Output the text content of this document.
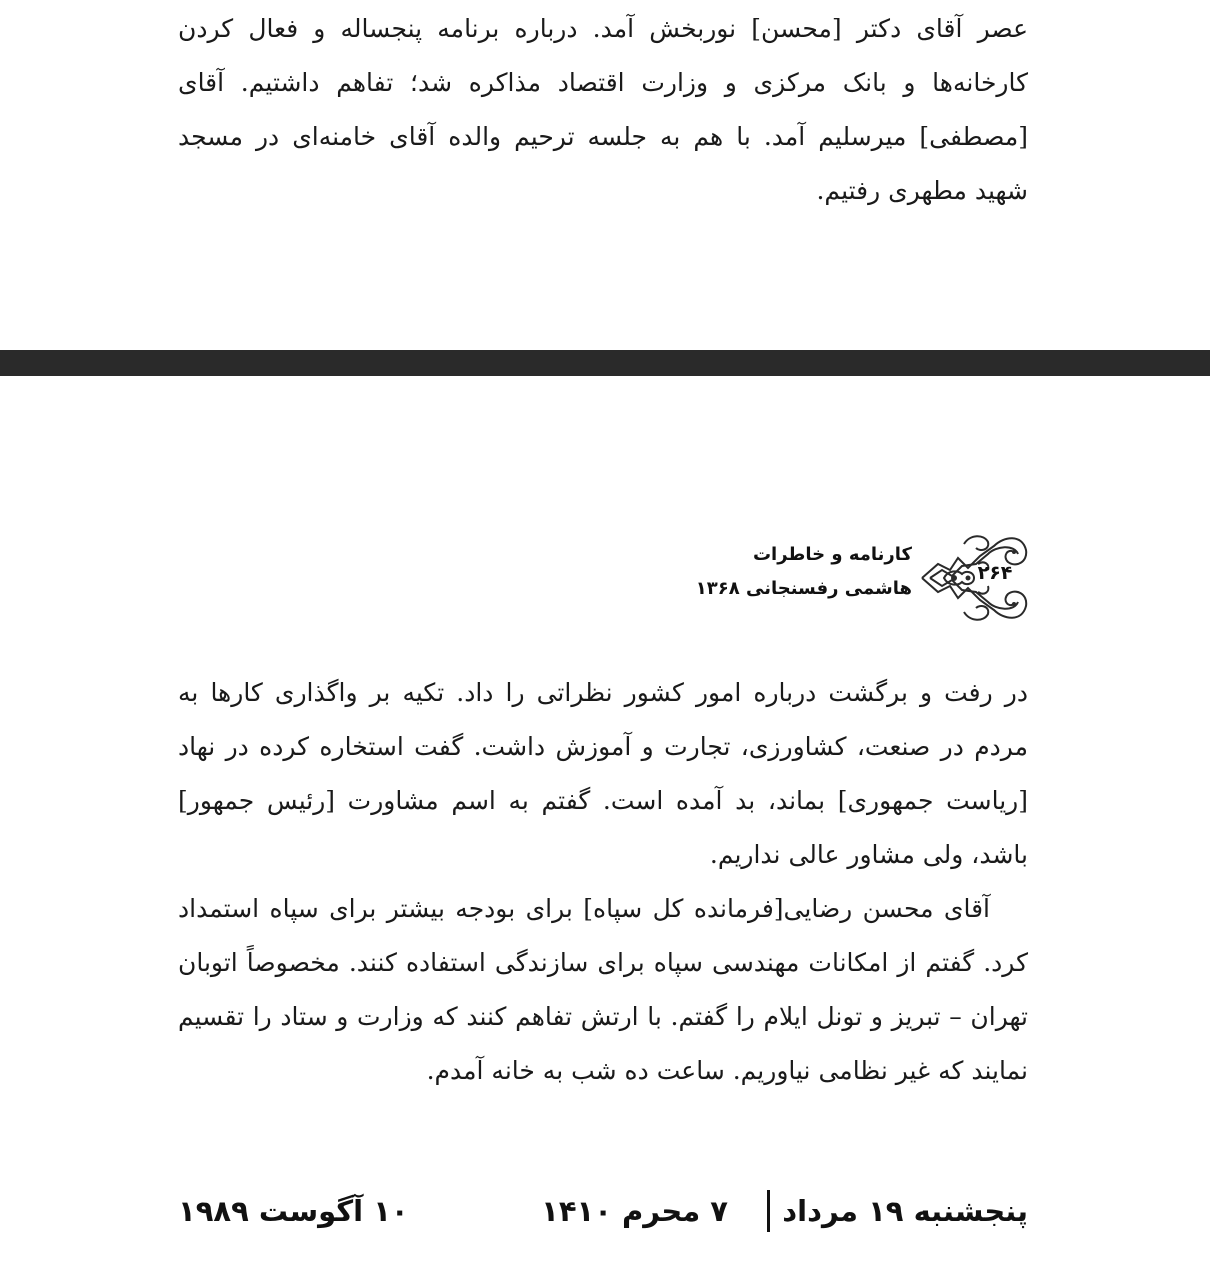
عصر آقای دکتر [محسن] نوربخش آمد. درباره برنامه پنجساله و فعال کردن کارخانه‌ها و بانک مرکزی و وزارت اقتصاد مذاکره شد؛ تفاهم داشتیم. آقای [مصطفی] میرسلیم آمد. با هم به جلسه ترحیم والده آقای خامنه‌ای در مسجد شهید مطهری رفتیم.

۲۶۴
کارنامه و خاطرات
هاشمی رفسنجانی ۱۳۶۸

در رفت و برگشت درباره امور کشور نظراتی را داد. تکیه بر واگذاری کارها به مردم در صنعت، کشاورزی، تجارت و آموزش داشت. گفت استخاره کرده در نهاد [ریاست جمهوری] بماند، بد آمده است. گفتم به اسم مشاورت [رئیس جمهور] باشد، ولی مشاور عالی نداریم.

آقای محسن رضایی[فرمانده کل سپاه] برای بودجه بیشتر برای سپاه استمداد کرد. گفتم از امکانات مهندسی سپاه برای سازندگی استفاده کنند. مخصوصاً اتوبان تهران – تبریز و تونل ایلام را گفتم. با ارتش تفاهم کنند که وزارت و ستاد را تقسیم نمایند که غیر نظامی نیاوریم. ساعت ده شب به خانه آمدم.

پنجشنبه ۱۹ مرداد
۷ محرم ۱۴۱۰
۱۰ آگوست ۱۹۸۹
